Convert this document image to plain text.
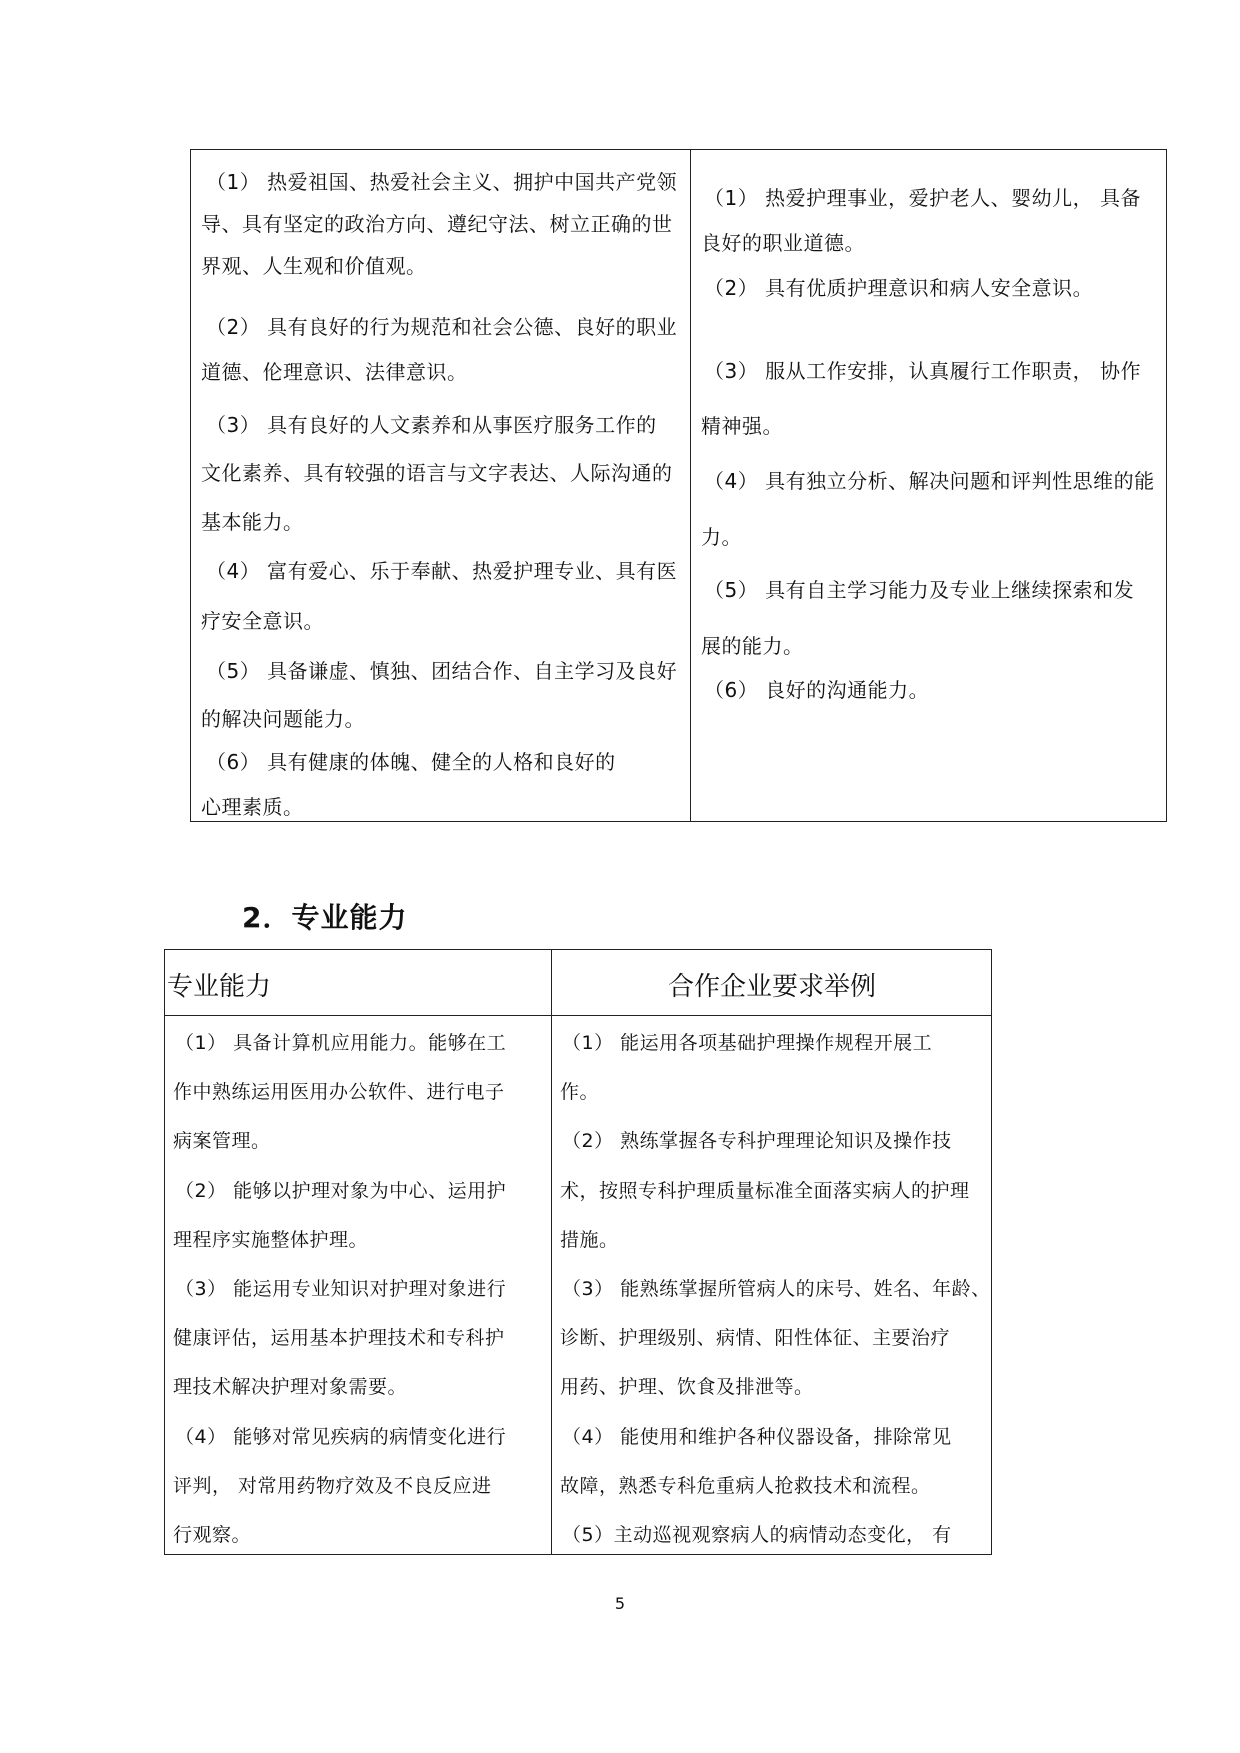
（1） 热爱祖国、热爱社会主义、拥护中国共产党领

导、具有坚定的政治方向、遵纪守法、树立正确的世

界观、人生观和价值观。

（2） 具有良好的行为规范和社会公德、良好的职业

道德、伦理意识、法律意识。

（3） 具有良好的人文素养和从事医疗服务工作的

文化素养、具有较强的语言与文字表达、人际沟通的

基本能力。

（4） 富有爱心、乐于奉献、热爱护理专业、具有医

疗安全意识。

（5） 具备谦虚、慎独、团结合作、自主学习及良好

的解决问题能力。

（6） 具有健康的体魄、健全的人格和良好的

心理素质。

（1） 热爱护理事业，爱护老人、婴幼儿， 具备

良好的职业道德。

（2） 具有优质护理意识和病人安全意识。

（3） 服从工作安排，认真履行工作职责， 协作

精神强。

（4） 具有独立分析、解决问题和评判性思维的能

力。

（5） 具有自主学习能力及专业上继续探索和发

展的能力。

（6） 良好的沟通能力。

2．专业能力
专业能力	合作企业要求举例

（1） 具备计算机应用能力。能够在工

作中熟练运用医用办公软件、进行电子

病案管理。

（2） 能够以护理对象为中心、运用护

理程序实施整体护理。

（3） 能运用专业知识对护理对象进行

健康评估，运用基本护理技术和专科护

理技术解决护理对象需要。

（4） 能够对常见疾病的病情变化进行

评判， 对常用药物疗效及不良反应进

行观察。

（1） 能运用各项基础护理操作规程开展工

作。

（2） 熟练掌握各专科护理理论知识及操作技

术，按照专科护理质量标准全面落实病人的护理

措施。

（3） 能熟练掌握所管病人的床号、姓名、年龄、

诊断、护理级别、病情、阳性体征、主要治疗

用药、护理、饮食及排泄等。

（4） 能使用和维护各种仪器设备，排除常见

故障，熟悉专科危重病人抢救技术和流程。

（5）主动巡视观察病人的病情动态变化， 有

5
